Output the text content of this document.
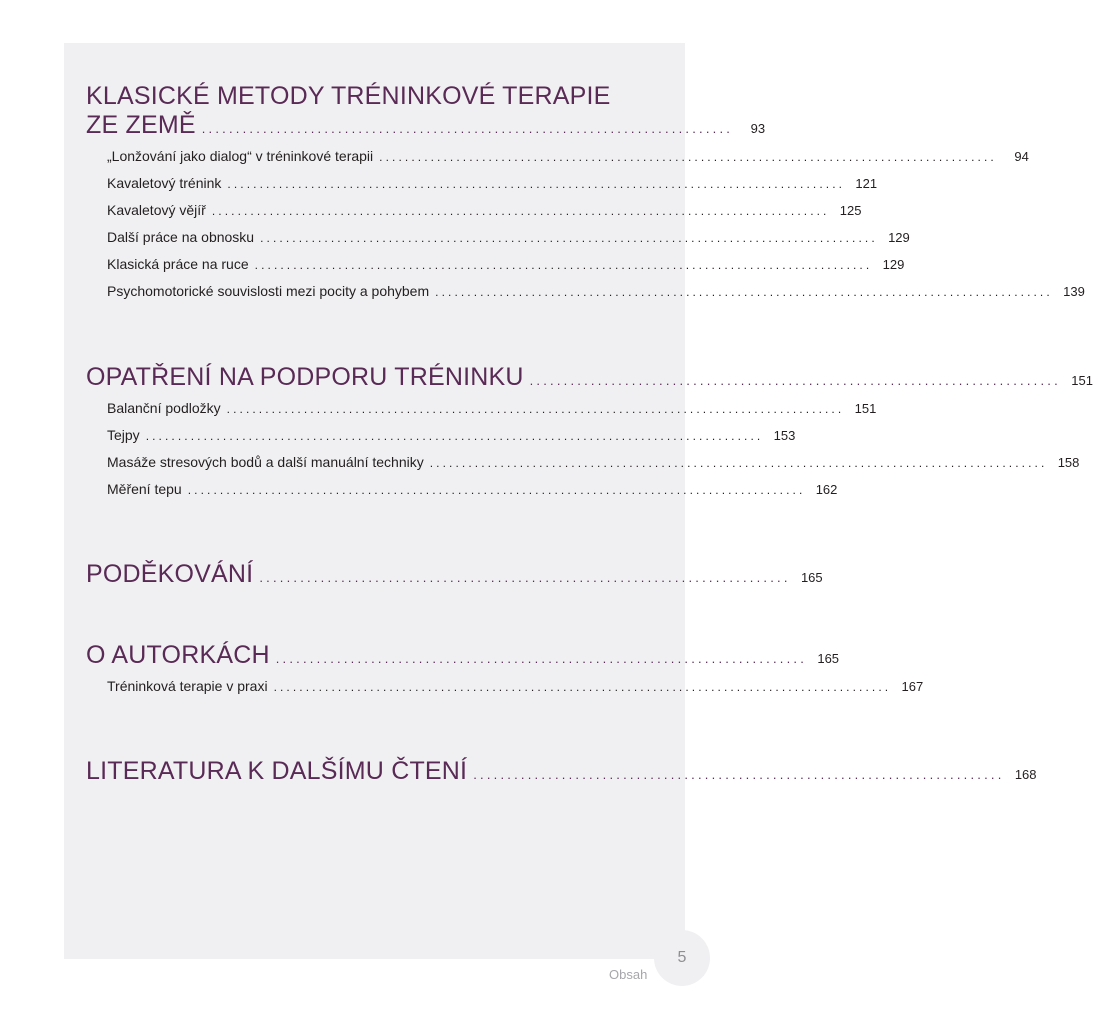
KLASICKÉ METODY TRÉNINKOVÉ TERAPIE
ZE ZEMĚ ..............................................................................	93
„Lonžování jako dialog“ v tréninkové terapii ................................................................................................	94
Kavaletový trénink ................................................................................................ 121
Kavaletový vějíř ................................................................................................ 125
Další práce na obnosku ................................................................................................ 129
Klasická práce na ruce ................................................................................................ 129
Psychomotorické souvislosti mezi pocity a pohybem ................................................................................................ 139
OPATŘENÍ NA PODPORU TRÉNINKU .............................................................................. 151
Balanční podložky ................................................................................................ 151
Tejpy ................................................................................................ 153
Masáže stresových bodů a další manuální techniky ................................................................................................ 158
Měření tepu ................................................................................................ 162
PODĚKOVÁNÍ .............................................................................. 165
O AUTORKÁCH .............................................................................. 165
Tréninková terapie v praxi ................................................................................................ 167
LITERATURA K DALŠÍMU ČTENÍ .............................................................................. 168
5
Obsah
